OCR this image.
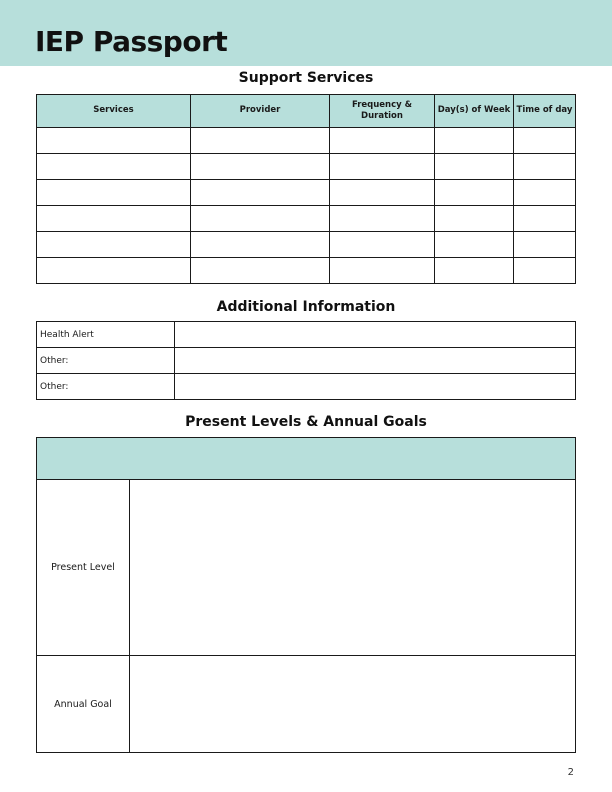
IEP Passport
Support Services
Services	Provider	Frequency & Duration	Day(s) of Week	Time of day

Additional Information
Health Alert	
Other:	
Other:	
Present Levels & Annual Goals

Present Level	
Annual Goal	
2
